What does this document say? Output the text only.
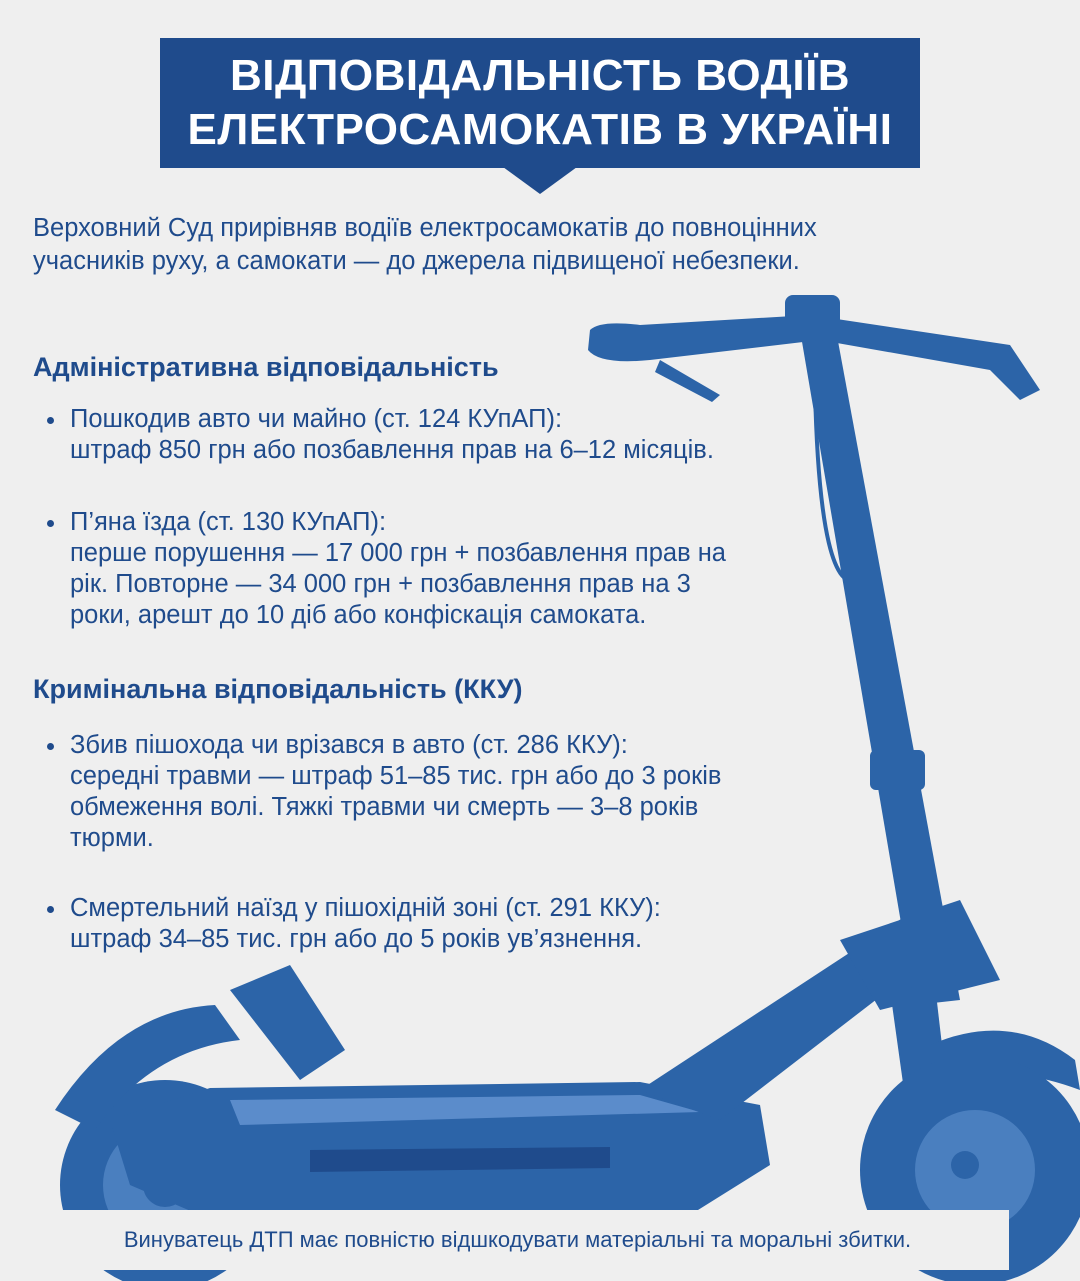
ВІДПОВІДАЛЬНІСТЬ ВОДІЇВ
ЕЛЕКТРОСАМОКАТІВ В УКРАЇНІ
Верховний Суд прирівняв водіїв електросамокатів до повноцінних
учасників руху, а самокати — до джерела підвищеної небезпеки.
Адміністративна відповідальність
Пошкодив авто чи майно (ст. 124 КУпАП):
штраф 850 грн або позбавлення прав на 6–12 місяців.
П’яна їзда (ст. 130 КУпАП):
перше порушення — 17 000 грн + позбавлення прав на
рік. Повторне — 34 000 грн + позбавлення прав на 3
роки, арешт до 10 діб або конфіскація самоката.
Кримінальна відповідальність (ККУ)
Збив пішохода чи врізався в авто (ст. 286 ККУ):
середні травми — штраф 51–85 тис. грн або до 3 років
обмеження волі. Тяжкі травми чи смерть — 3–8 років
тюрми.
Смертельний наїзд у пішохідній зоні (ст. 291 ККУ):
штраф 34–85 тис. грн або до 5 років ув’язнення.
Винуватець ДТП має повністю відшкодувати матеріальні та моральні збитки.
